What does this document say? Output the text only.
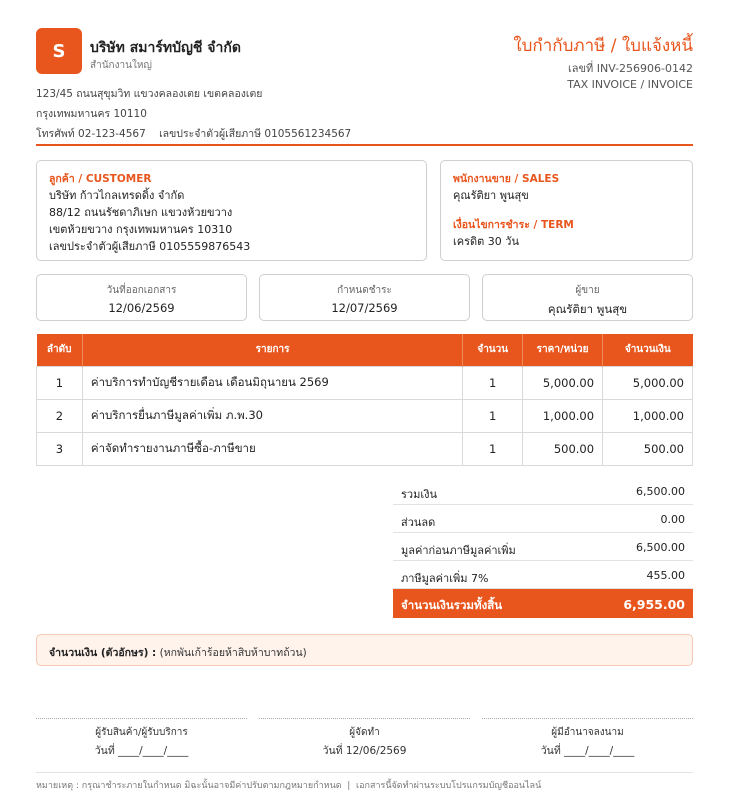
S	บริษัท สมาร์ทบัญชี จำกัด
สำนักงานใหญ่
123/45 ถนนสุขุมวิท แขวงคลองเตย เขตคลองเตย
กรุงเทพมหานคร 10110
โทรศัพท์ 02-123-4567    เลขประจำตัวผู้เสียภาษี 0105561234567
ใบกำกับภาษี / ใบแจ้งหนี้
เลขที่ INV-256906-0142
TAX INVOICE / INVOICE
ลูกค้า / CUSTOMER
บริษัท ก้าวไกลเทรดดิ้ง จำกัด
88/12 ถนนรัชดาภิเษก แขวงห้วยขวาง
เขตห้วยขวาง กรุงเทพมหานคร 10310
เลขประจำตัวผู้เสียภาษี 0105559876543
พนักงานขาย / SALES
คุณรัติยา พูนสุข
เงื่อนไขการชำระ / TERM
เครดิต 30 วัน
วันที่ออกเอกสาร
12/06/2569
กำหนดชำระ
12/07/2569
ผู้ขาย
คุณรัติยา พูนสุข
ลำดับ	รายการ	จำนวน	ราคา/หน่วย	จำนวนเงิน
1	ค่าบริการทำบัญชีรายเดือน เดือนมิถุนายน 2569	1	5,000.00	5,000.00
2	ค่าบริการยื่นภาษีมูลค่าเพิ่ม ภ.พ.30	1	1,000.00	1,000.00
3	ค่าจัดทำรายงานภาษีซื้อ-ภาษีขาย	1	500.00	500.00
รวมเงิน	6,500.00
ส่วนลด	0.00
มูลค่าก่อนภาษีมูลค่าเพิ่ม	6,500.00
ภาษีมูลค่าเพิ่ม 7%	455.00
จำนวนเงินรวมทั้งสิ้น	6,955.00
จำนวนเงิน (ตัวอักษร) : (หกพันเก้าร้อยห้าสิบห้าบาทถ้วน)
ผู้รับสินค้า/ผู้รับบริการ
วันที่ ____/____/____
ผู้จัดทำ
วันที่ 12/06/2569
ผู้มีอำนาจลงนาม
วันที่ ____/____/____
หมายเหตุ : กรุณาชำระภายในกำหนด มิฉะนั้นอาจมีค่าปรับตามกฎหมายกำหนด  |  เอกสารนี้จัดทำผ่านระบบโปรแกรมบัญชีออนไลน์
